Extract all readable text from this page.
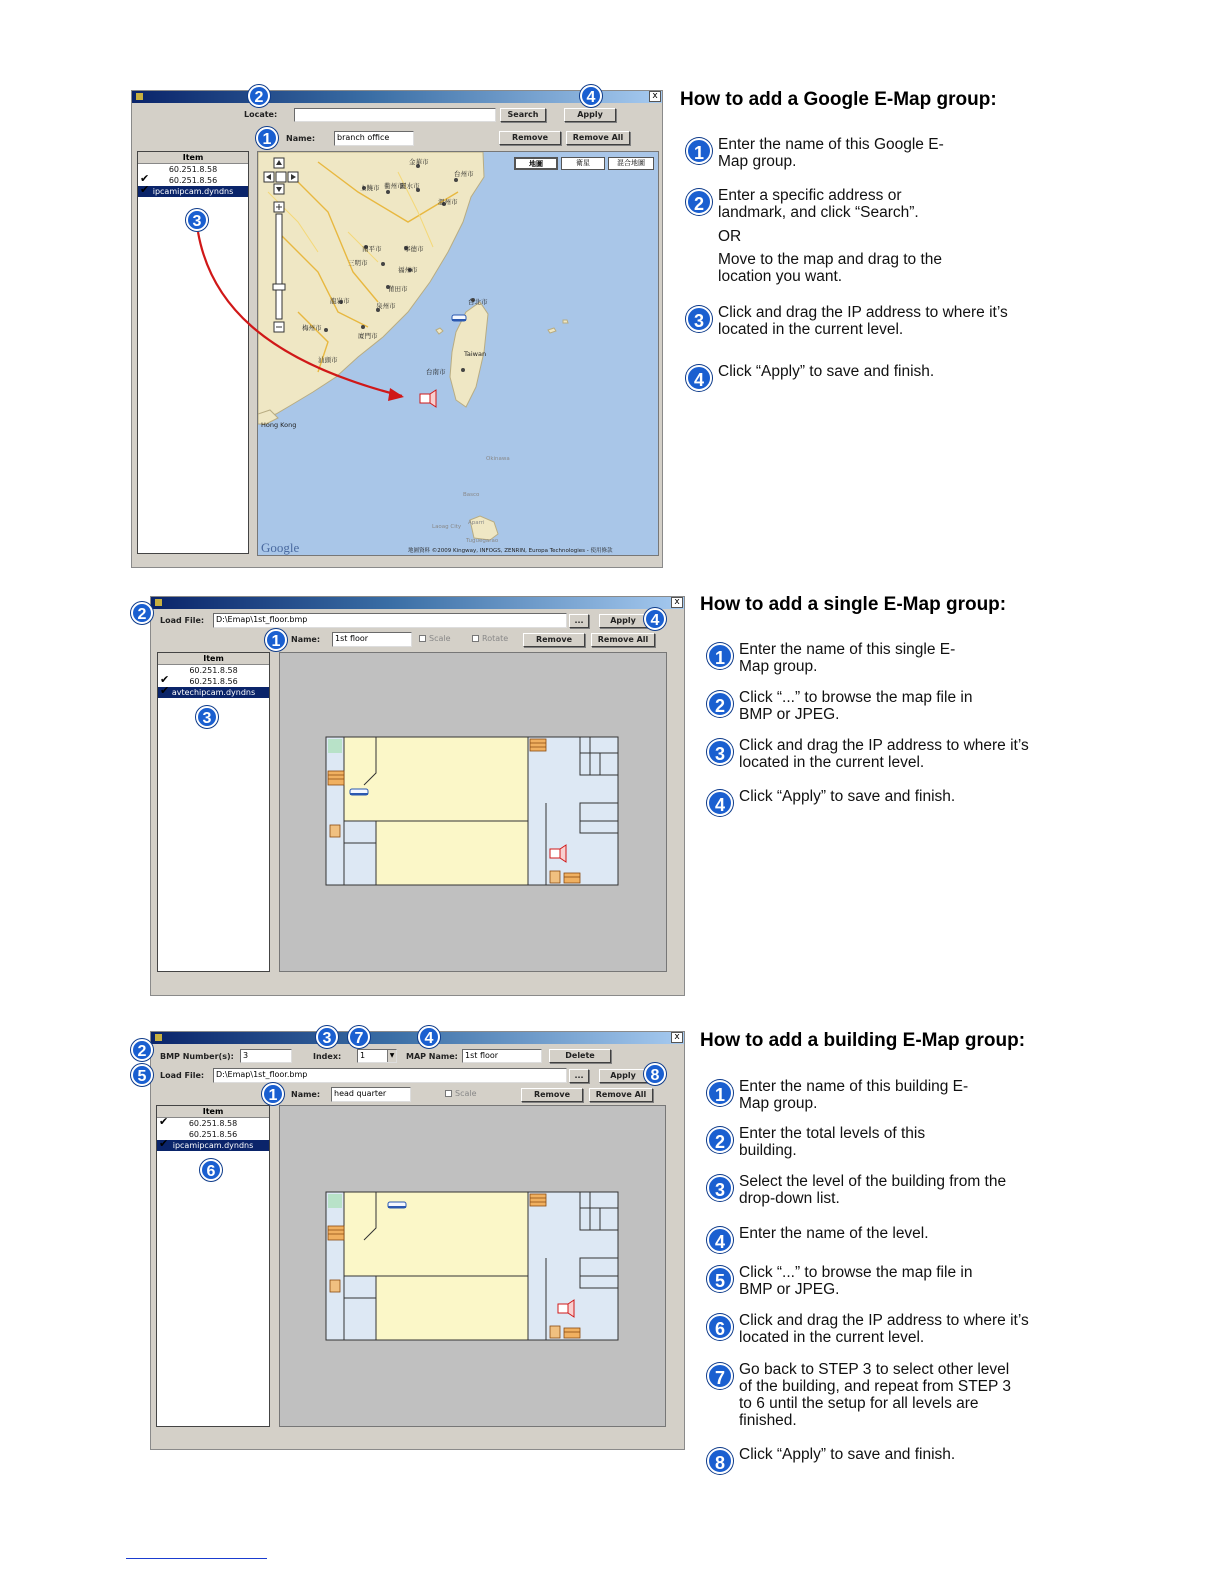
x
Locate:	Search	Apply
Name:	branch office	Remove	Remove All
Item
60.251.8.58
✔ 60.251.8.56
✔ ipcamipcam.dyndns
金華市
台州市
麗水市
衢州市
溫州市
上饒市
南平市	寧德市
三明市
福州市
莆田市
泉州市
龍岩市
梅州市
廈門市
汕頭市
台北市
Taiwan
台南市
Hong Kong
Okinawa
Basco
Laoag City
Aparri
Tuguegarao
Google	地圖資料 ©2009 Kingway, INFOGS, ZENRIN, Europa Technologies - 使用條款
地圖	衛星	混合地圖
1
2
3
4	How to add a Google E-Map group:
1 Enter the name of this Google E-Map group.
2 Enter a specific address or landmark, and click “Search”.
OR
Move to the map and drag to the location you want.
3 Click and drag the IP address to where it’s located in the current level.
4 Click “Apply” to save and finish.
x
Load File:	D:\Emap\1st_floor.bmp	...	Apply
Name:	1st floor	Scale	Rotate	Remove	Remove All
Item
60.251.8.58
✔	60.251.8.56
✔ avtechipcam.dyndns
1
2
3
4
How to add a single E-Map group:
1 Enter the name of this single E-Map group.
2 Click “...” to browse the map file in BMP or JPEG.
3 Click and drag the IP address to where it’s located in the current level.
4 Click “Apply” to save and finish.
x
BMP Number(s):	3	Index:	1	▼ MAP Name: 1st floor	Delete
Load File:	D:\Emap\1st_floor.bmp	...	Apply
Name:	head quarter	Scale	Remove	Remove All
Item
✔	60.251.8.58
60.251.8.56
✔ ipcamipcam.dyndns
1
2
3	4
5
6
7
8
How to add a building E-Map group:
1 Enter the name of this building E-Map group.
2 Enter the total levels of this building.
3 Select the level of the building from the drop-down list.
4 Enter the name of the level.
5 Click “...” to browse the map file in BMP or JPEG.
6 Click and drag the IP address to where it’s located in the current level.
7 Go back to STEP 3 to select other level of the building, and repeat from STEP 3 to 6 until the setup for all levels are finished.
8 Click “Apply” to save and finish.
